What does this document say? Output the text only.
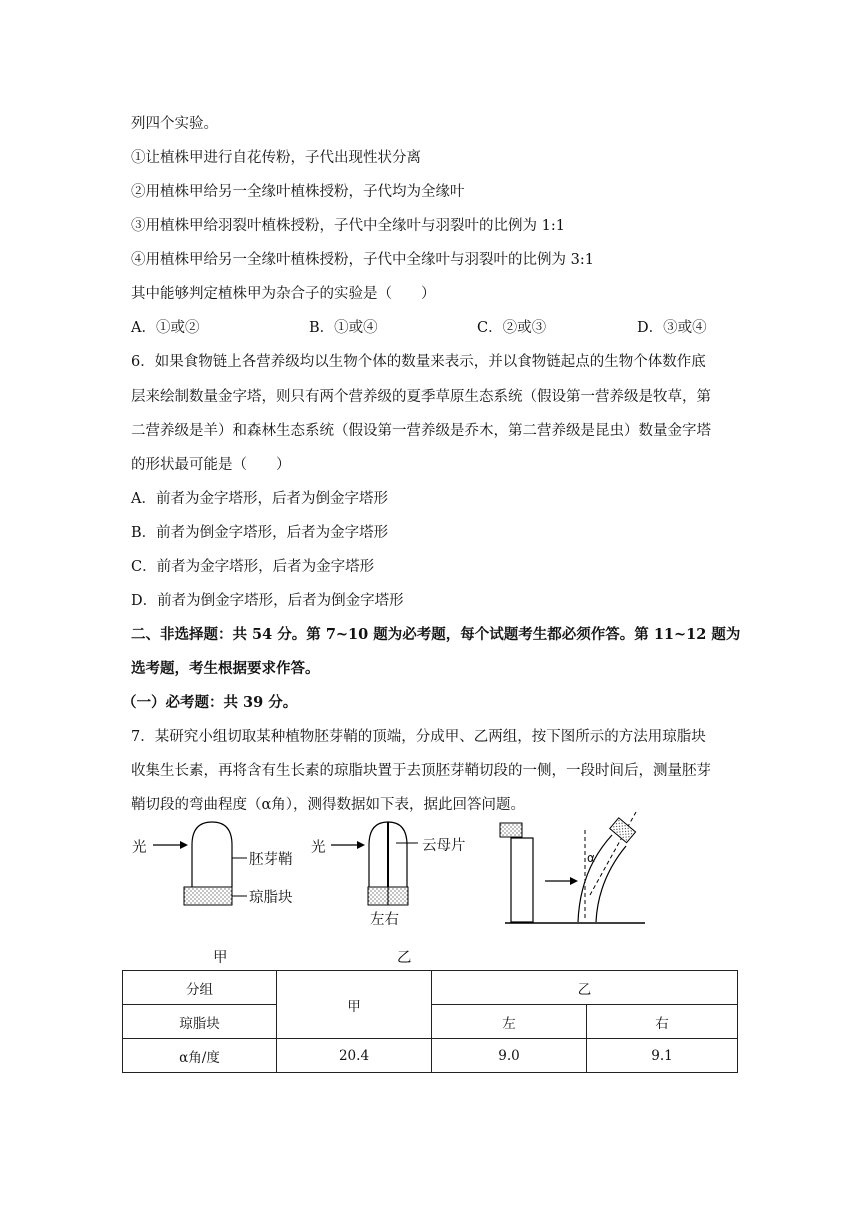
列四个实验。
①让植株甲进行自花传粉，子代出现性状分离
②用植株甲给另一全缘叶植株授粉，子代均为全缘叶
③用植株甲给羽裂叶植株授粉，子代中全缘叶与羽裂叶的比例为 1:1
④用植株甲给另一全缘叶植株授粉，子代中全缘叶与羽裂叶的比例为 3:1
其中能够判定植株甲为杂合子的实验是（　　）
A．①或②	B．①或④	C．②或③	D．③或④
6．如果食物链上各营养级均以生物个体的数量来表示，并以食物链起点的生物个体数作底
层来绘制数量金字塔，则只有两个营养级的夏季草原生态系统（假设第一营养级是牧草，第
二营养级是羊）和森林生态系统（假设第一营养级是乔木，第二营养级是昆虫）数量金字塔
的形状最可能是（　　）
A．前者为金字塔形，后者为倒金字塔形
B．前者为倒金字塔形，后者为金字塔形
C．前者为金字塔形，后者为金字塔形
D．前者为倒金字塔形，后者为倒金字塔形
二、非选择题：共 54 分。第 7~10 题为必考题，每个试题考生都必须作答。第 11~12 题为
选考题，考生根据要求作答。
（一）必考题：共 39 分。
7．某研究小组切取某种植物胚芽鞘的顶端，分成甲、乙两组，按下图所示的方法用琼脂块
收集生长素，再将含有生长素的琼脂块置于去顶胚芽鞘切段的一侧，一段时间后，测量胚芽
鞘切段的弯曲程度（α角），测得数据如下表，据此回答问题。
光
胚芽鞘
琼脂块
光	云母片
左右
α
甲	乙
分组	甲	乙	
琼脂块		左	右
α角/度	20.4	9.0	9.1
